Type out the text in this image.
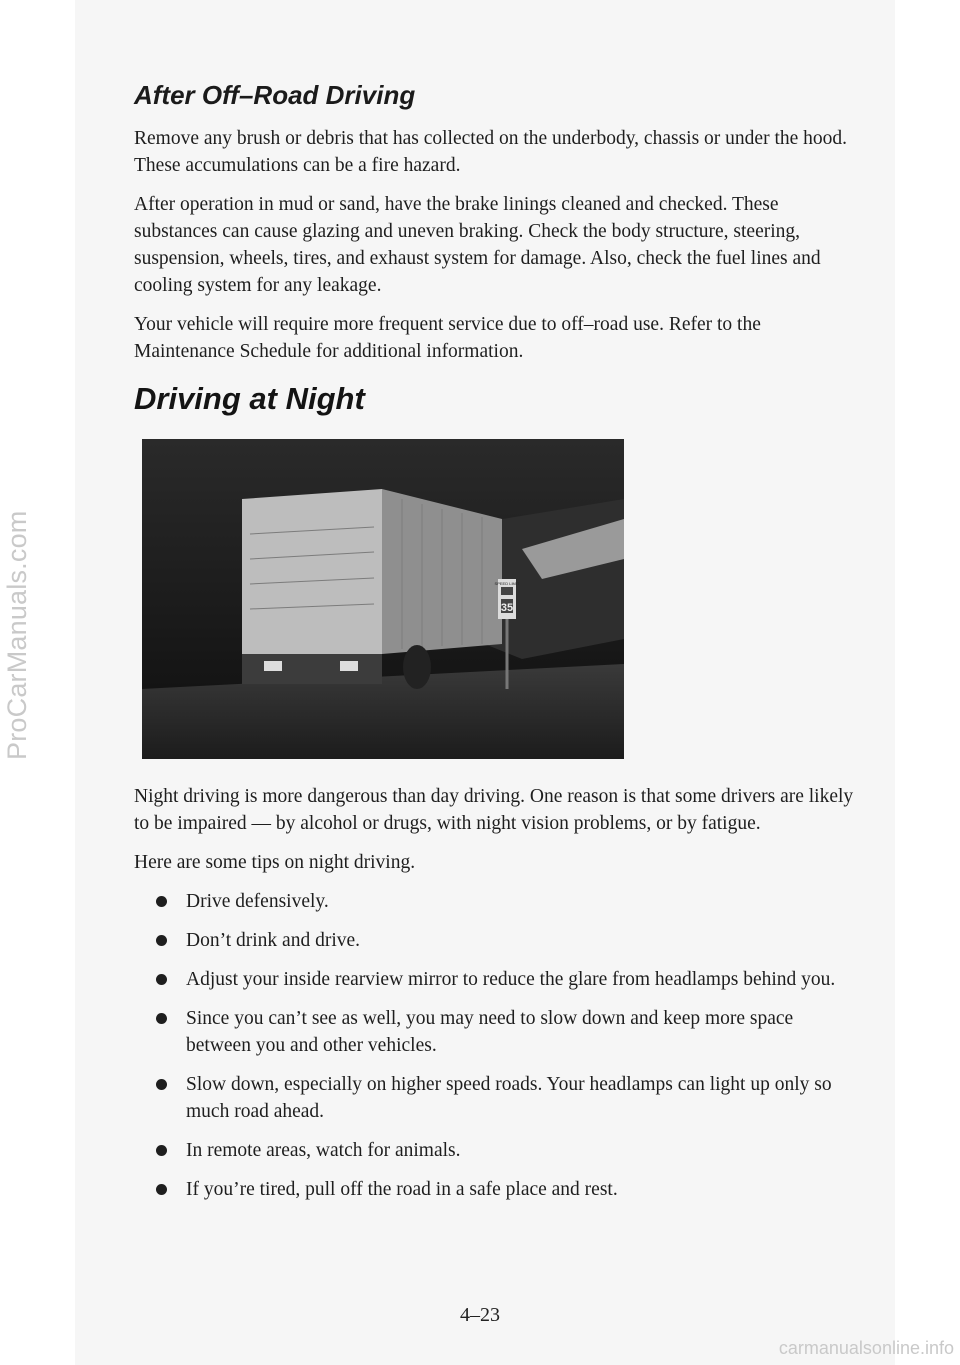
ProCarManuals.com
After Off–Road Driving

Remove any brush or debris that has collected on the underbody, chassis or under the hood. These accumulations can be a fire hazard.

After operation in mud or sand, have the brake linings cleaned and checked. These substances can cause glazing and uneven braking. Check the body structure, steering, suspension, wheels, tires, and exhaust system for damage. Also, check the fuel lines and cooling system for any leakage.

Your vehicle will require more frequent service due to off–road use. Refer to the Maintenance Schedule for additional information.

Driving at Night
SPEED LIMIT
35

Night driving is more dangerous than day driving. One reason is that some drivers are likely to be impaired — by alcohol or drugs, with night vision problems, or by fatigue.

Here are some tips on night driving.

Drive defensively.
Don’t drink and drive.
Adjust your inside rearview mirror to reduce the glare from headlamps behind you.
Since you can’t see as well, you may need to slow down and keep more space between you and other vehicles.
Slow down, especially on higher speed roads. Your headlamps can light up only so much road ahead.
In remote areas, watch for animals.
If you’re tired, pull off the road in a safe place and rest.
4–23
carmanualsonline.info
